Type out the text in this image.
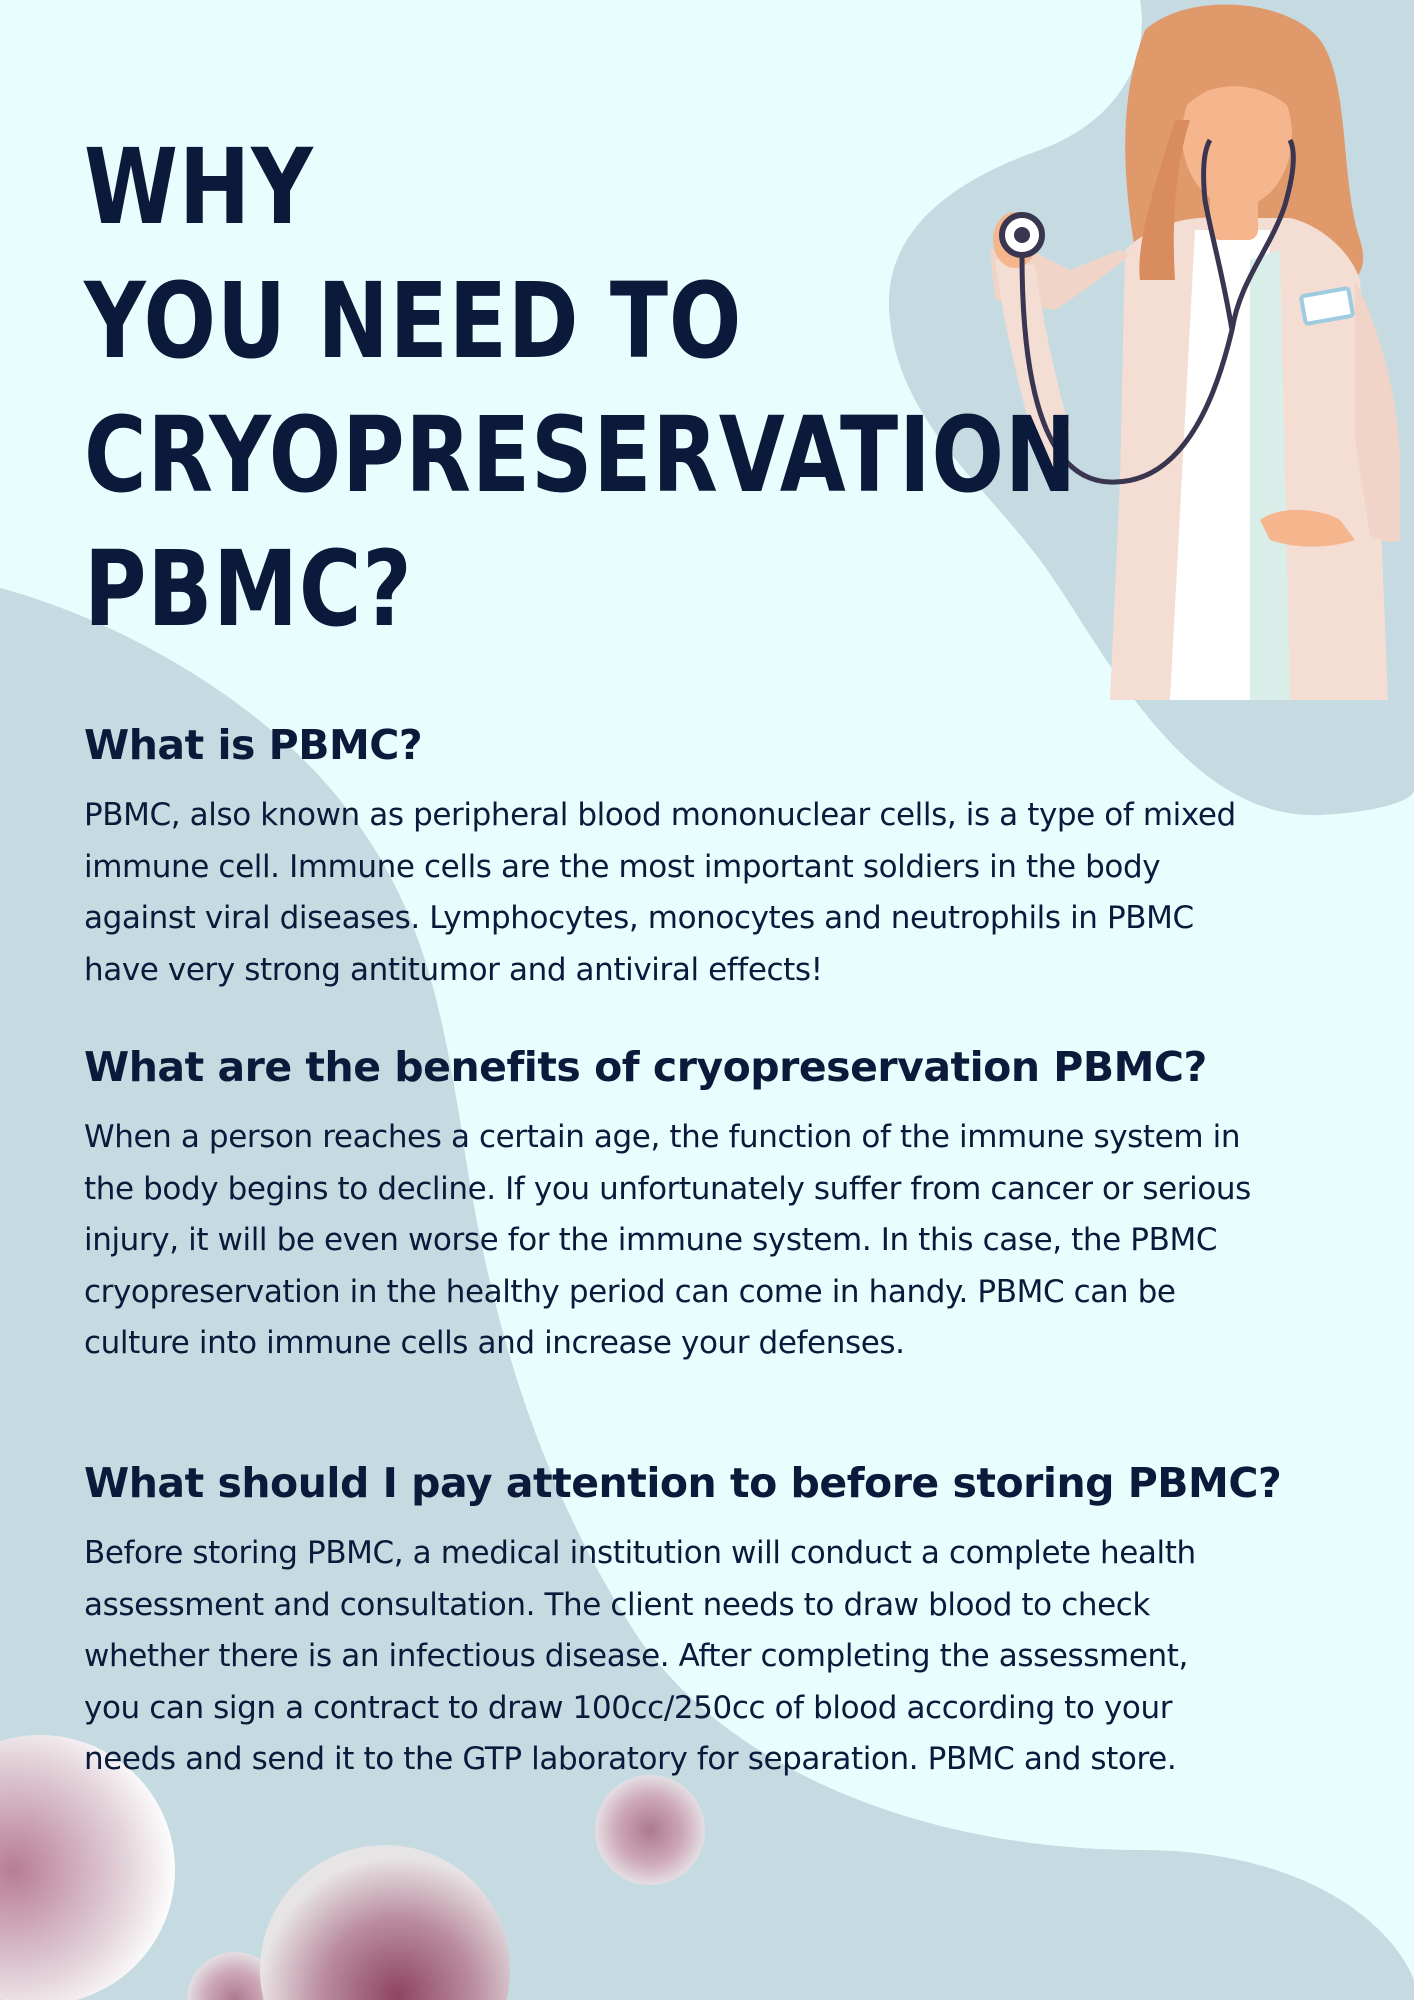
WHY
YOU NEED TO
CRYOPRESERVATION
PBMC?
What is PBMC?

PBMC, also known as peripheral blood mononuclear cells, is a type of mixed immune cell. Immune cells are the most important soldiers in the body against viral diseases. Lymphocytes, monocytes and neutrophils in PBMC have very strong antitumor and antiviral effects!

What are the benefits of cryopreservation PBMC?

When a person reaches a certain age, the function of the immune system in the body begins to decline. If you unfortunately suffer from cancer or serious injury, it will be even worse for the immune system. In this case, the PBMC cryopreservation in the healthy period can come in handy. PBMC can be culture into immune cells and increase your defenses.

What should I pay attention to before storing PBMC?

Before storing PBMC, a medical institution will conduct a complete health assessment and consultation. The client needs to draw blood to check whether there is an infectious disease. After completing the assessment, you can sign a contract to draw 100cc/250cc of blood according to your needs and send it to the GTP laboratory for separation. PBMC and store.
